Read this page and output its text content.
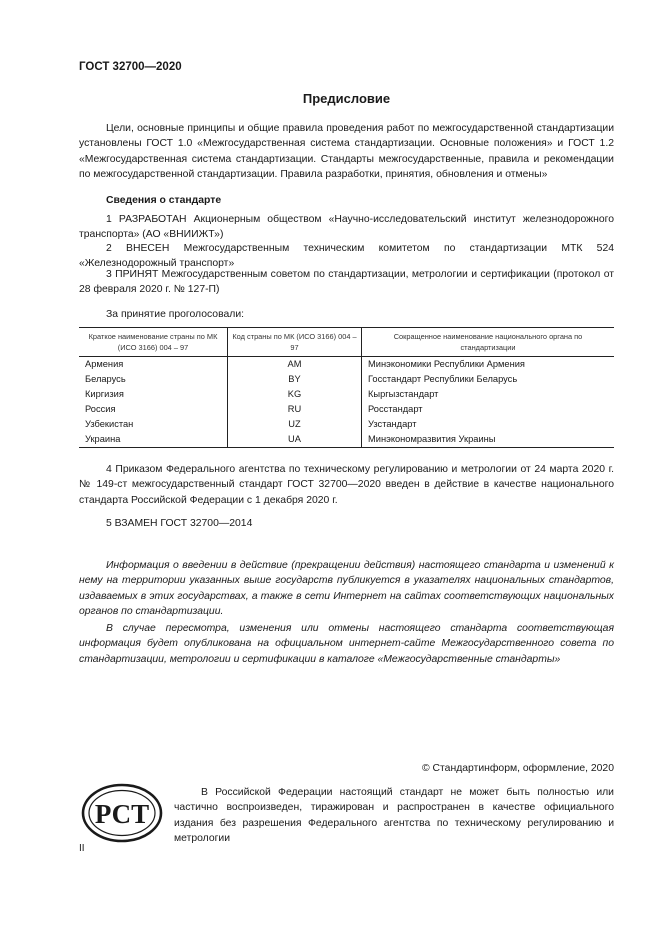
ГОСТ 32700—2020
Предисловие
Цели, основные принципы и общие правила проведения работ по межгосударственной стандартизации установлены ГОСТ 1.0 «Межгосударственная система стандартизации. Основные положения» и ГОСТ 1.2 «Межгосударственная система стандартизации. Стандарты межгосударственные, правила и рекомендации по межгосударственной стандартизации. Правила разработки, принятия, обновления и отмены»
Сведения о стандарте
1 РАЗРАБОТАН Акционерным обществом «Научно-исследовательский институт железнодорожного транспорта» (АО «ВНИИЖТ»)
2 ВНЕСЕН Межгосударственным техническим комитетом по стандартизации МТК 524 «Железнодорожный транспорт»
3 ПРИНЯТ Межгосударственным советом по стандартизации, метрологии и сертификации (протокол от 28 февраля 2020 г. № 127-П)
За принятие проголосовали:
Краткое наименование страны по МК (ИСО 3166) 004 – 97	Код страны по МК (ИСО 3166) 004 – 97	Сокращенное наименование национального органа по стандартизации
Армения	AM	Минэкономики Республики Армения
Беларусь	BY	Госстандарт Республики Беларусь
Киргизия	KG	Кыргызстандарт
Россия	RU	Росстандарт
Узбекистан	UZ	Узстандарт
Украина	UA	Минэкономразвития Украины
4 Приказом Федерального агентства по техническому регулированию и метрологии от 24 марта 2020 г. № 149-ст межгосударственный стандарт ГОСТ 32700—2020 введен в действие в качестве национального стандарта Российской Федерации с 1 декабря 2020 г.
5 ВЗАМЕН ГОСТ 32700—2014
Информация о введении в действие (прекращении действия) настоящего стандарта и изменений к нему на территории указанных выше государств публикуется в указателях национальных стандартов, издаваемых в этих государствах, а также в сети Интернет на сайтах соответствующих национальных органов по стандартизации.
В случае пересмотра, изменения или отмены настоящего стандарта соответствующая информация будет опубликована на официальном интернет-сайте Межгосударственного совета по стандартизации, метрологии и сертификации в каталоге «Межгосударственные стандарты»
© Стандартинформ, оформление, 2020
РСТ
В Российской Федерации настоящий стандарт не может быть полностью или частично воспроизведен, тиражирован и распространен в качестве официального издания без разрешения Федерального агентства по техническому регулированию и метрологии
II
